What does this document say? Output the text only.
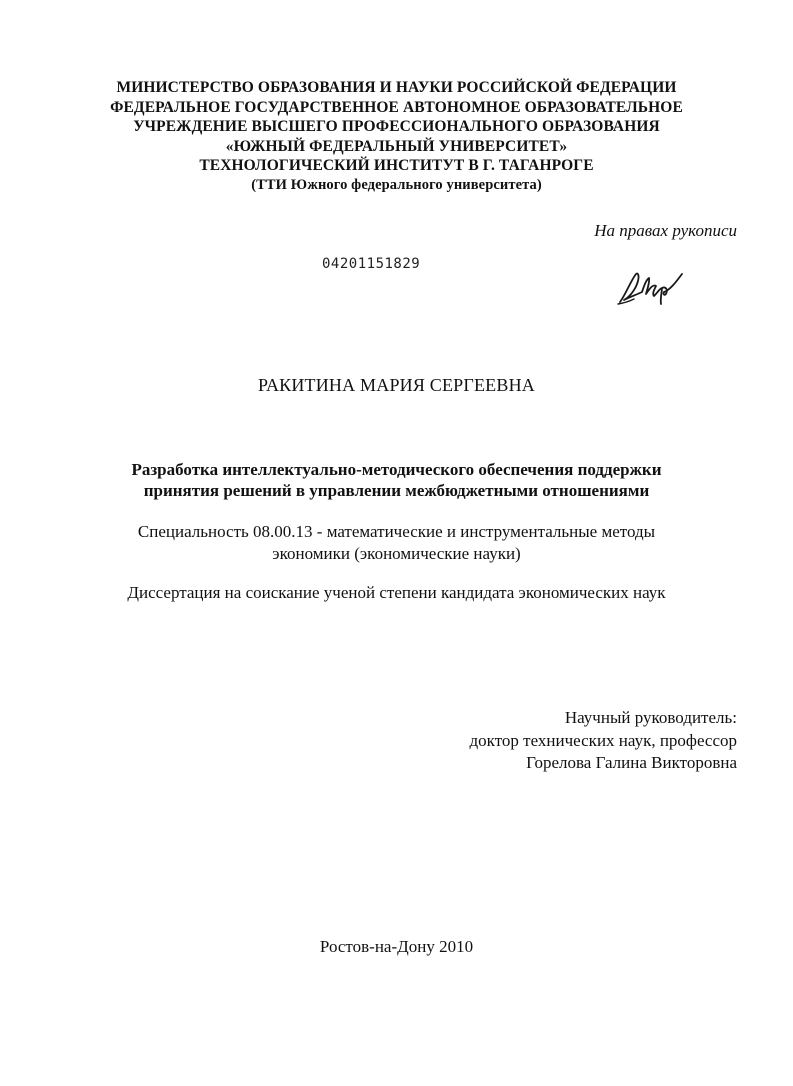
МИНИСТЕРСТВО ОБРАЗОВАНИЯ И НАУКИ РОССИЙСКОЙ ФЕДЕРАЦИИ
ФЕДЕРАЛЬНОЕ ГОСУДАРСТВЕННОЕ АВТОНОМНОЕ ОБРАЗОВАТЕЛЬНОЕ
УЧРЕЖДЕНИЕ ВЫСШЕГО ПРОФЕССИОНАЛЬНОГО ОБРАЗОВАНИЯ
«ЮЖНЫЙ ФЕДЕРАЛЬНЫЙ УНИВЕРСИТЕТ»
ТЕХНОЛОГИЧЕСКИЙ ИНСТИТУТ В Г. ТАГАНРОГЕ
(ТТИ Южного федерального университета)
На правах рукописи
04201151829
РАКИТИНА МАРИЯ СЕРГЕЕВНА
Разработка интеллектуально-методического обеспечения поддержки
принятия решений в управлении межбюджетными отношениями
Специальность 08.00.13 - математические и инструментальные методы
экономики (экономические науки)
Диссертация на соискание ученой степени кандидата экономических наук
Научный руководитель:
доктор технических наук, профессор
Горелова Галина Викторовна
Ростов-на-Дону 2010
